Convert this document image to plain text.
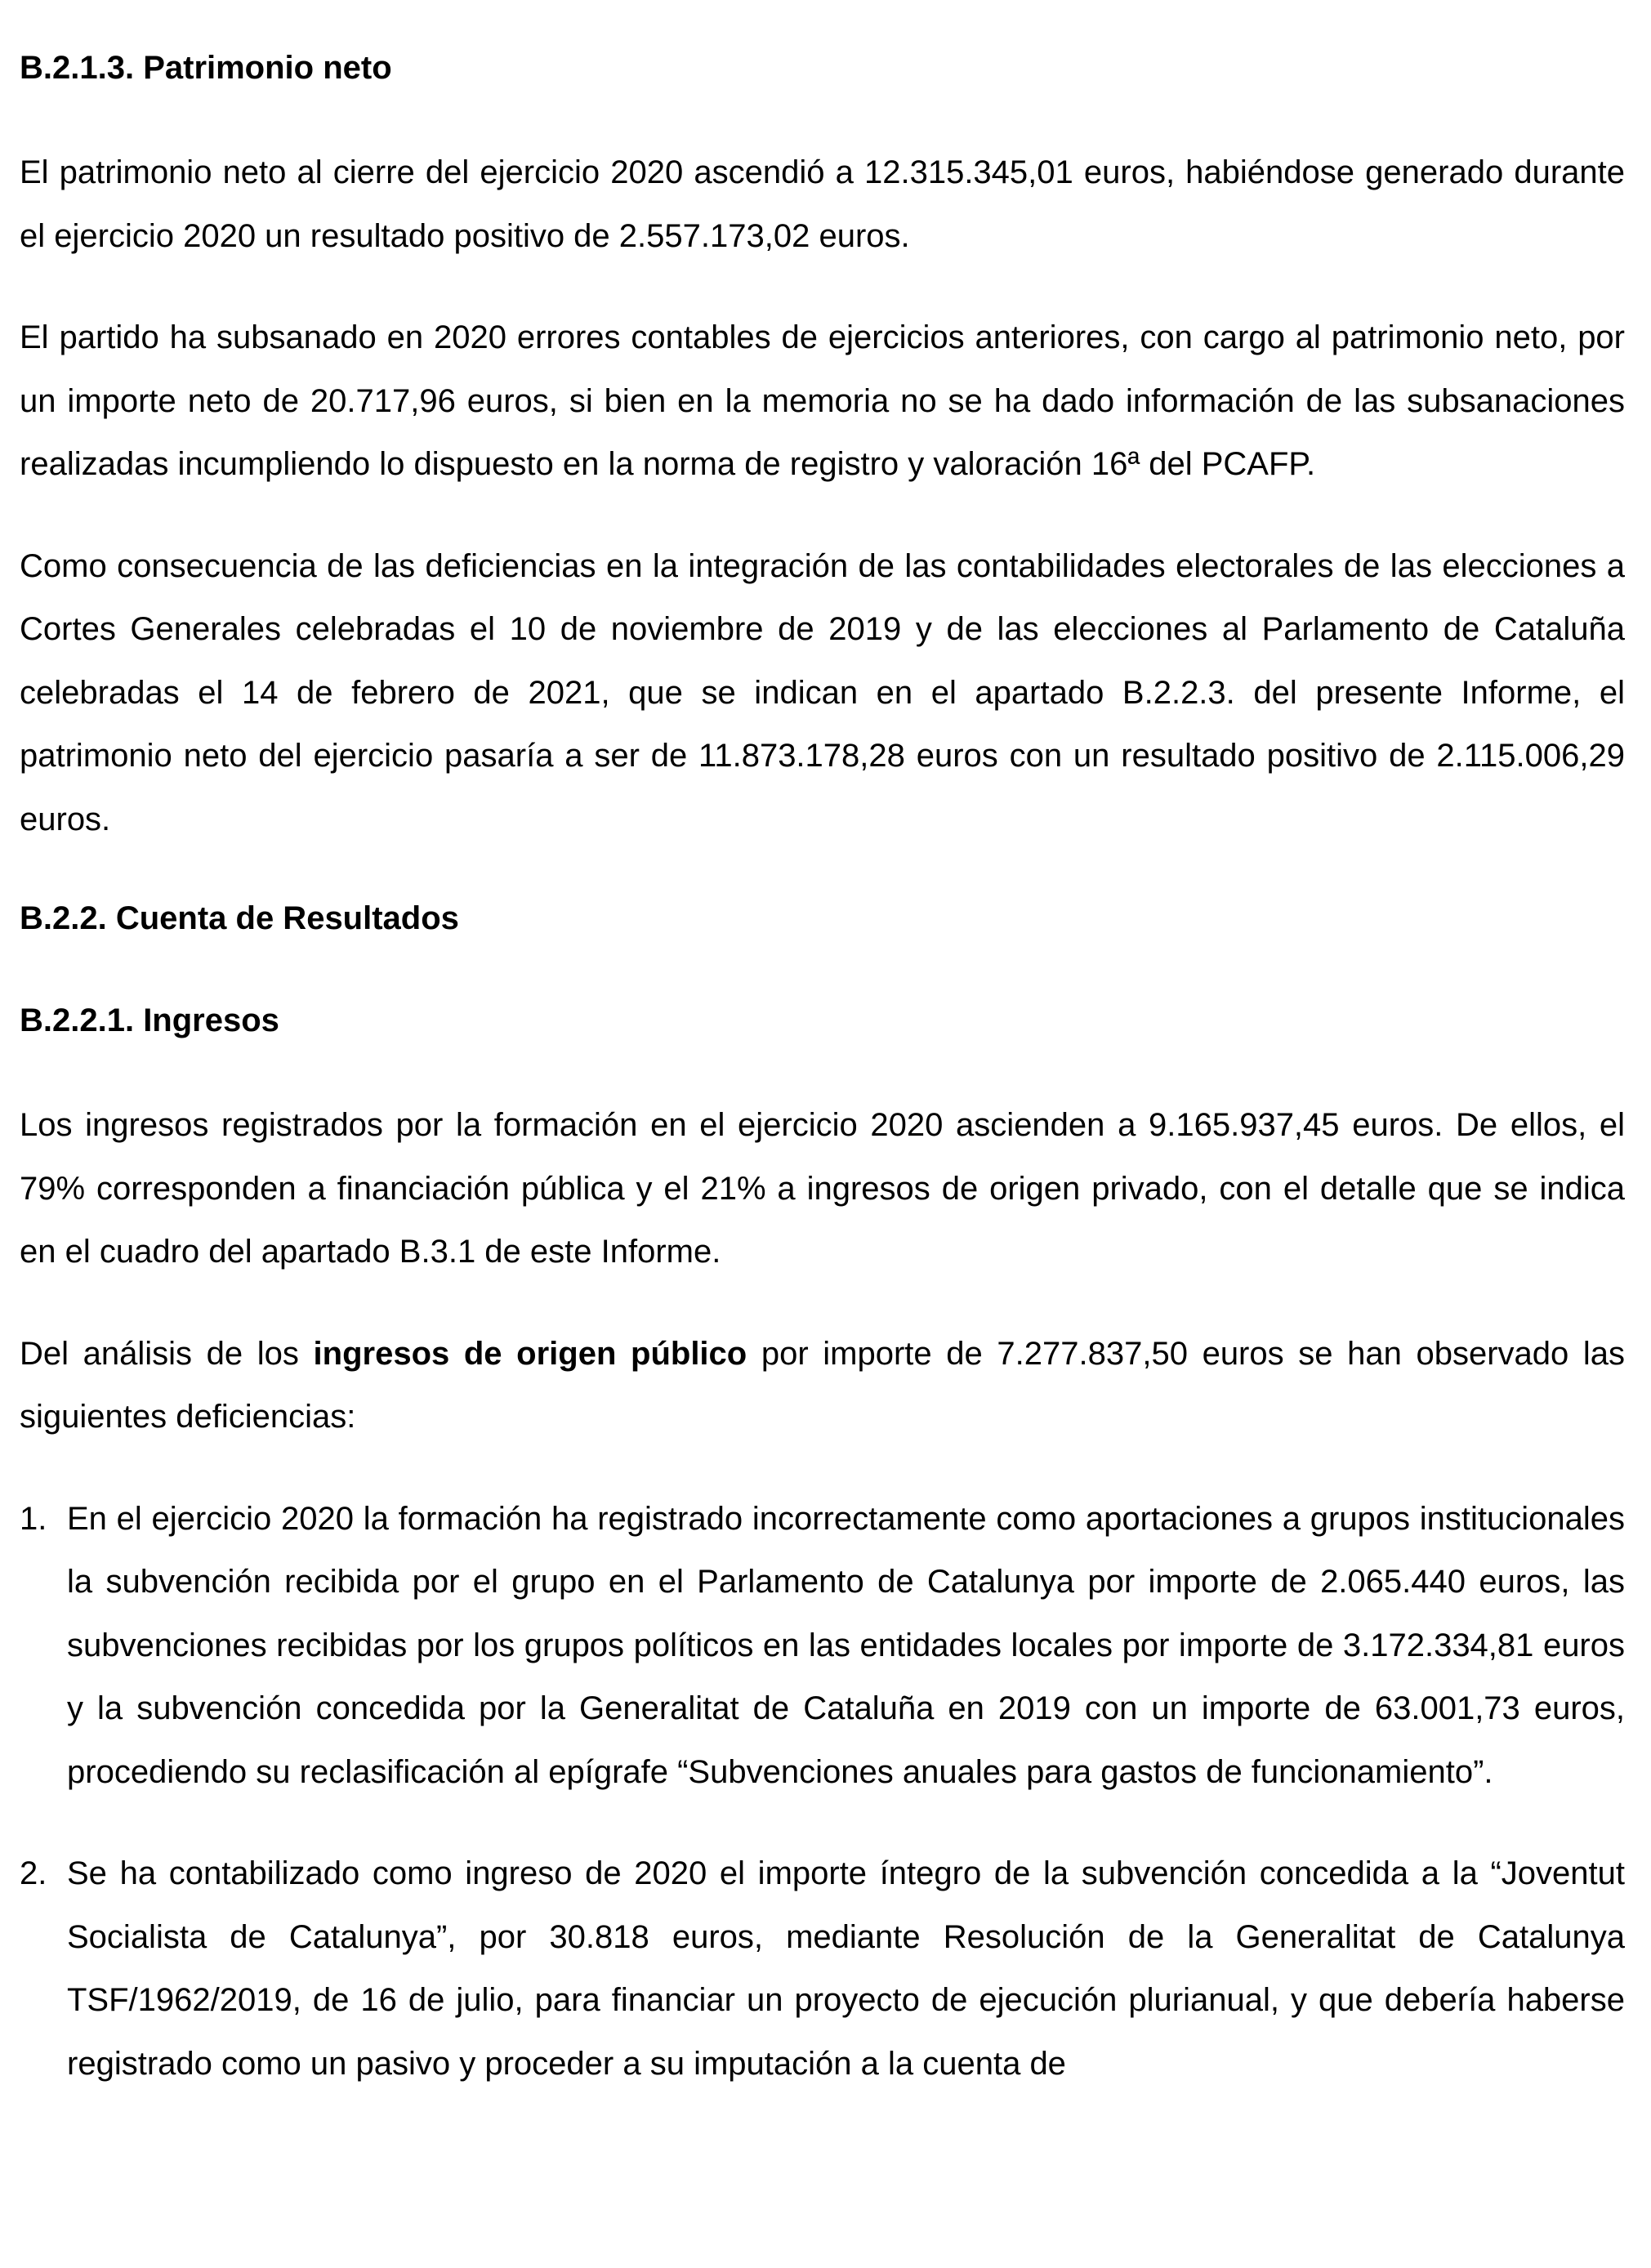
B.2.1.3. Patrimonio neto
El patrimonio neto al cierre del ejercicio 2020 ascendió a 12.315.345,01 euros, habiéndose generado durante el ejercicio 2020 un resultado positivo de 2.557.173,02 euros.
El partido ha subsanado en 2020 errores contables de ejercicios anteriores, con cargo al patrimonio neto, por un importe neto de 20.717,96 euros, si bien en la memoria no se ha dado información de las subsanaciones realizadas incumpliendo lo dispuesto en la norma de registro y valoración 16ª del PCAFP.
Como consecuencia de las deficiencias en la integración de las contabilidades electorales de las elecciones a Cortes Generales celebradas el 10 de noviembre de 2019 y de las elecciones al Parlamento de Cataluña celebradas el 14 de febrero de 2021, que se indican en el apartado B.2.2.3. del presente Informe, el patrimonio neto del ejercicio pasaría a ser de 11.873.178,28 euros con un resultado positivo de 2.115.006,29 euros.
B.2.2. Cuenta de Resultados
B.2.2.1. Ingresos
Los ingresos registrados por la formación en el ejercicio 2020 ascienden a 9.165.937,45 euros. De ellos, el 79% corresponden a financiación pública y el 21% a ingresos de origen privado, con el detalle que se indica en el cuadro del apartado B.3.1 de este Informe.
Del análisis de los ingresos de origen público por importe de 7.277.837,50 euros se han observado las siguientes deficiencias:
1. En el ejercicio 2020 la formación ha registrado incorrectamente como aportaciones a grupos institucionales la subvención recibida por el grupo en el Parlamento de Catalunya por importe de 2.065.440 euros, las subvenciones recibidas por los grupos políticos en las entidades locales por importe de 3.172.334,81 euros y la subvención concedida por la Generalitat de Cataluña en 2019 con un importe de 63.001,73 euros, procediendo su reclasificación al epígrafe “Subvenciones anuales para gastos de funcionamiento”.
2. Se ha contabilizado como ingreso de 2020 el importe íntegro de la subvención concedida a la “Joventut Socialista de Catalunya”, por 30.818 euros, mediante Resolución de la Generalitat de Catalunya TSF/1962/2019, de 16 de julio, para financiar un proyecto de ejecución plurianual, y que debería haberse registrado como un pasivo y proceder a su imputación a la cuenta de
